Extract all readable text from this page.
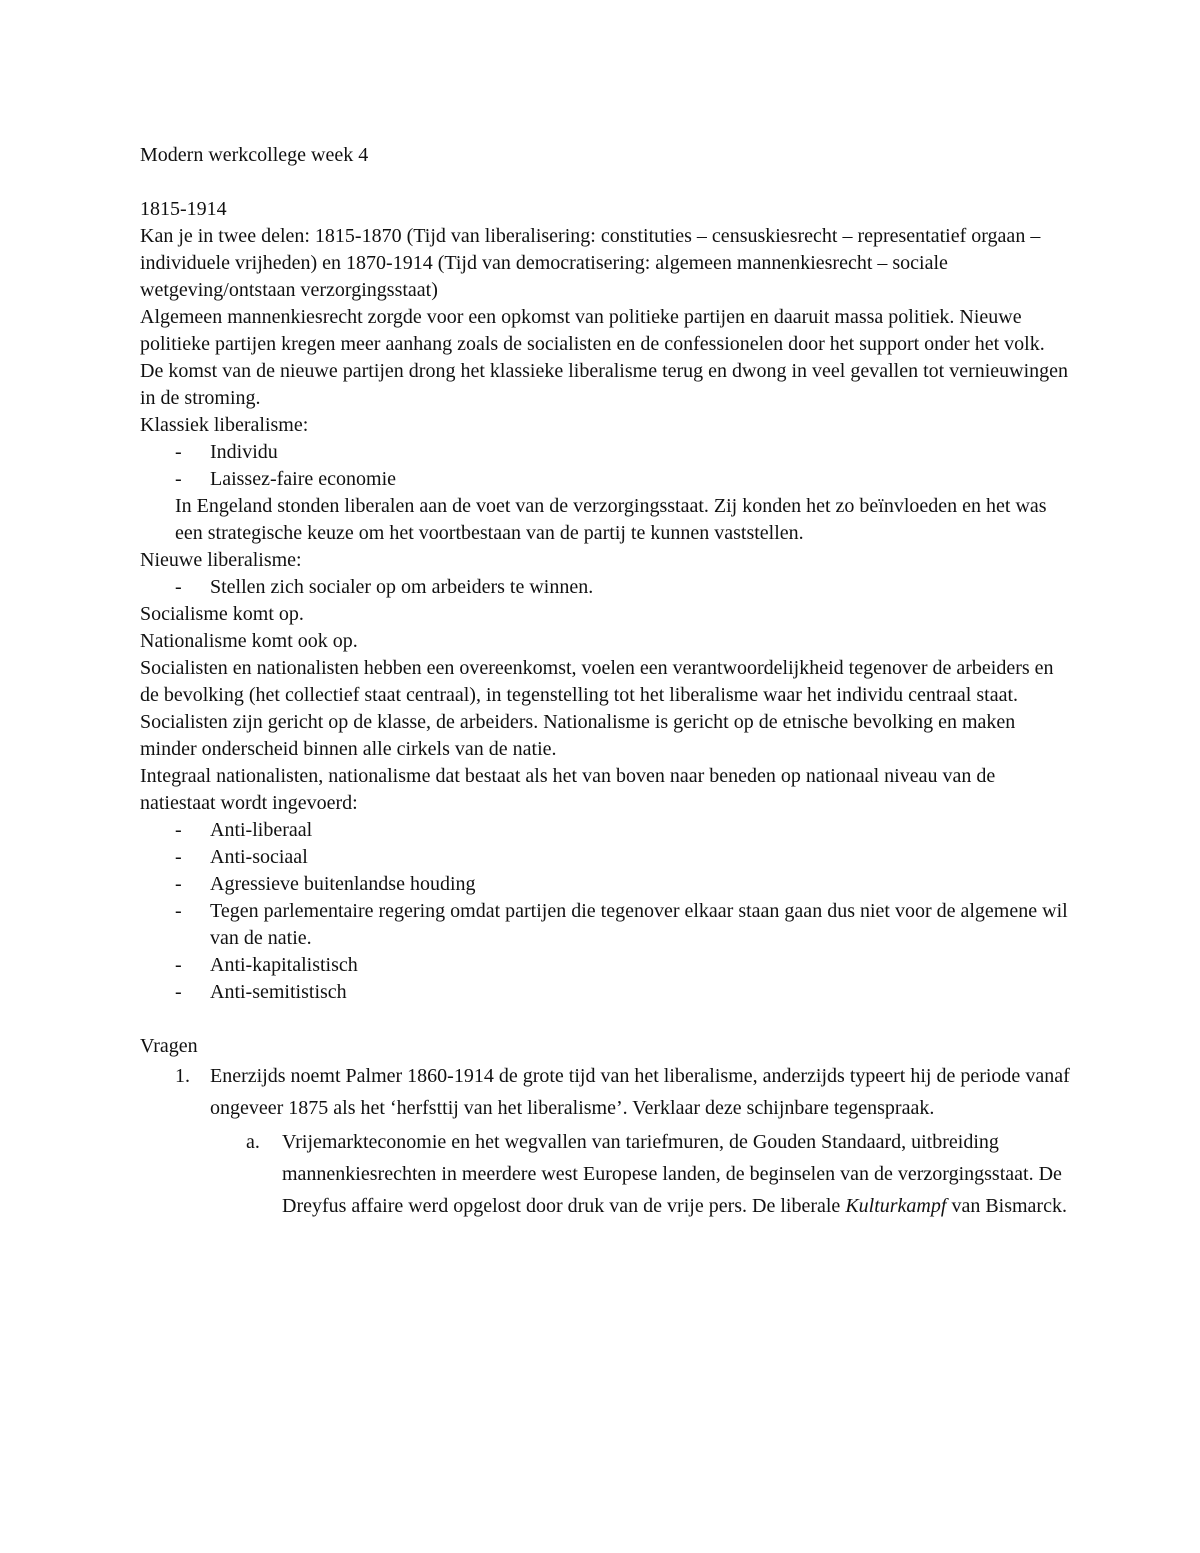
Modern werkcollege week 4

1815-1914

Kan je in twee delen: 1815-1870 (Tijd van liberalisering: constituties – censuskiesrecht – representatief orgaan – individuele vrijheden) en 1870-1914 (Tijd van democratisering: algemeen mannenkiesrecht – sociale wetgeving/ontstaan verzorgingsstaat)

Algemeen mannenkiesrecht zorgde voor een opkomst van politieke partijen en daaruit massa politiek. Nieuwe politieke partijen kregen meer aanhang zoals de socialisten en de confessionelen door het support onder het volk.

De komst van de nieuwe partijen drong het klassieke liberalisme terug en dwong in veel gevallen tot vernieuwingen in de stroming.

Klassiek liberalisme:

- Individu
- Laissez-faire economie

In Engeland stonden liberalen aan de voet van de verzorgingsstaat. Zij konden het zo beïnvloeden en het was een strategische keuze om het voortbestaan van de partij te kunnen vaststellen.

Nieuwe liberalisme:

- Stellen zich socialer op om arbeiders te winnen.

Socialisme komt op.

Nationalisme komt ook op.

Socialisten en nationalisten hebben een overeenkomst, voelen een verantwoordelijkheid tegenover de arbeiders en de bevolking (het collectief staat centraal), in tegenstelling tot het liberalisme waar het individu centraal staat.

Socialisten zijn gericht op de klasse, de arbeiders. Nationalisme is gericht op de etnische bevolking en maken minder onderscheid binnen alle cirkels van de natie.

Integraal nationalisten, nationalisme dat bestaat als het van boven naar beneden op nationaal niveau van de natiestaat wordt ingevoerd:

- Anti-liberaal
- Anti-sociaal
- Agressieve buitenlandse houding
- Tegen parlementaire regering omdat partijen die tegenover elkaar staan gaan dus niet voor de algemene wil van de natie.
- Anti-kapitalistisch
- Anti-semitistisch

Vragen

1. Enerzijds noemt Palmer 1860-1914 de grote tijd van het liberalisme, anderzijds typeert hij de periode vanaf ongeveer 1875 als het ‘herfsttij van het liberalisme’. Verklaar deze schijnbare tegenspraak.
a. Vrijemarkteconomie en het wegvallen van tariefmuren, de Gouden Standaard, uitbreiding mannenkiesrechten in meerdere west Europese landen, de beginselen van de verzorgingsstaat. De Dreyfus affaire werd opgelost door druk van de vrije pers. De liberale Kulturkampf van Bismarck.
